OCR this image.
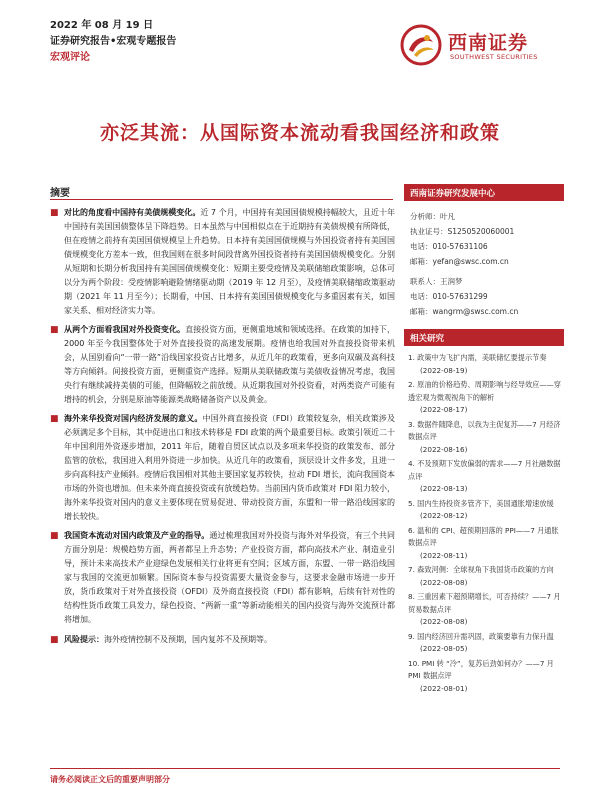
2022 年 08 月 19 日
证券研究报告•宏观专题报告
宏观评论
西南证券
SOUTHWEST SECURITIES
亦泛其流：从国际资本流动看我国经济和政策
摘要
■ 对比的角度看中国持有美债规模变化。近 7 个月，中国持有美国国债规模持幅较大，且近十年中国持有美国国债整体呈下降趋势。日本虽然与中国相似点在于近期持有美债规模有所降低，但在疫情之前持有美国国债规模呈上升趋势。日本持有美国国债规模与外国投资者持有美国国债规模变化方差本一致，但我国则在很多时间段背离外国投资者持有美国国债规模变化。分别从短期和长期分析我国持有美国国债规模变化：短期主要受疫情及美联储缩政策影响，总体可以分为两个阶段：受疫情影响避险情绪驱动期（2019 年 12 月至），及疫情美联储缩政策驱动期（2021 年 11 月至今）；长期看，中国、日本持有美国国债规模变化与多重因素有关，如国家关系、相对经济实力等。
■ 从两个方面看我国对外投资变化。直接投资方面，更侧重地域和领域选择。在政策的加持下，2000 年至今我国整体处于对外直接投资的高速发展期。疫情也给我国对外直接投资带来机会，从国别看向“一带一路”沿线国家投资占比增多，从近几年的政策看，更多向双碳及高科技等方向倾斜。间接投资方面，更侧重资产选择。短期从美联储政策与美债收益情况考虑，我国央行有继续减持美债的可能，但降幅较之前放缓。从近期我国对外投资看，对两类资产可能有增持的机会，分别是原油等能源类战略储备资产以及黄金。
■ 海外来华投资对国内经济发展的意义。中国外商直接投资（FDI）政策较复杂，相关政策涉及必须满足多个目标，其中促进出口和技术转移是 FDI 政策的两个最重要目标。政策引领近二十年中国利用外资逐步增加，2011 年后，随着自贸区试点以及多项来华投资的政策发布、部分监管的放松，我国进入利用外资进一步加快。从近几年的政策看，顶层设计文件多发，且进一步向高科技产业倾斜。疫情后我国相对其他主要国家复苏较快，拉动 FDI 增长，流向我国资本市场的外资也增加。但未来外商直接投资或有放缓趋势。当前国内货币政策对 FDI 阻力较小，海外来华投资对国内的意义主要体现在贸易促进、带动投资方面，东盟和一带一路沿线国家的增长较快。
■ 我国资本流动对国内政策及产业的指导。通过梳理我国对外投资与海外对华投资，有三个共同方面分别是：规模趋势方面，两者都呈上升态势；产业投资方面，都向高技术产业、制造业引导，预计未来高技术产业迎绿色发展相关行业将更有空间；区域方面，东盟、一带一路沿线国家与我国的交流更加频繁。国际资本参与投资需要大量资金参与，这要求金融市场进一步开放，货币政策对于对外直接投资（OFDI）及外商直接投资（FDI）都有影响，后续有针对性的结构性货币政策工具发力，绿色投资、“两新一重”等新动能相关的国内投资与海外交流预计都将增加。
■ 风险提示：海外疫情控制不及预期，国内复苏不及预期等。
西南证券研究发展中心
分析师：叶凡
执业证号：S1250520060001
电话：010-57631106
邮箱：yefan@swsc.com.cn
联系人：王润梦
电话：010-57631299
邮箱：wangrm@swsc.com.cn
相关研究
1. 政策中为飞扩内需，美联储忆要提示节奏
(2022-08-19)
2. 原油的价格趋势、周期影响与经导效应——穿透宏观为微观视角下的解析
(2022-08-17)
3. 数据件随降息，以我为主促复苏——7 月经济数据点评
(2022-08-16)
4. 不及预期下发放偏弱的需求——7 月社融数据点评
(2022-08-13)
5. 国内生持投资多管齐下，美国通胀增速放缓
(2022-08-12)
6. 温和的 CPI、超预期回落的 PPI——7 月通胀数据点评
(2022-08-11)
7. 森致河侧：全球视角下我国货币政策的方向
(2022-08-08)
8. 三重因素下超预期增长，可否持续？——7 月贸易数据点评
(2022-08-08)
9. 国内经济回升需巩固，政策要靠有力保升温
(2022-08-05)
10. PMI 转 “冷”，复苏后劲如何办？——7 月 PMI 数据点评
(2022-08-01)
请务必阅读正文后的重要声明部分
